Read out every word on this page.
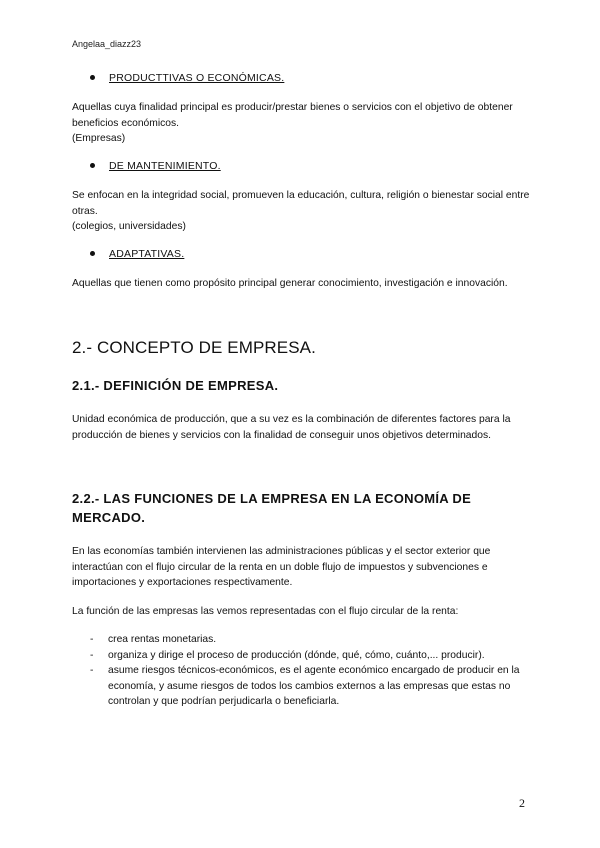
Angelaa_diazz23
PRODUCTTIVAS O ECONÓMICAS.

Aquellas cuya finalidad principal es producir/prestar bienes o servicios con el objetivo de obtener beneficios económicos.
(Empresas)

DE MANTENIMIENTO.

Se enfocan en la integridad social, promueven la educación, cultura, religión o bienestar social entre otras.
(colegios, universidades)

ADAPTATIVAS.

Aquellas que tienen como propósito principal generar conocimiento, investigación e innovación.

2.- CONCEPTO DE EMPRESA.
2.1.- DEFINICIÓN DE EMPRESA.

Unidad económica de producción, que a su vez es la combinación de diferentes factores para la producción de bienes y servicios con la finalidad de conseguir unos objetivos determinados.

2.2.- LAS FUNCIONES DE LA EMPRESA EN LA ECONOMÍA DE MERCADO.

En las economías también intervienen las administraciones públicas y el sector exterior que interactúan con el flujo circular de la renta en un doble flujo de impuestos y subvenciones e importaciones y exportaciones respectivamente.

La función de las empresas las vemos representadas con el flujo circular de la renta:

- crea rentas monetarias.
- organiza y dirige el proceso de producción (dónde, qué, cómo, cuánto,... producir).
- asume riesgos técnicos-económicos, es el agente económico encargado de producir en la economía, y asume riesgos de todos los cambios externos a las empresas que estas no controlan y que podrían perjudicarla o beneficiarla.
2
